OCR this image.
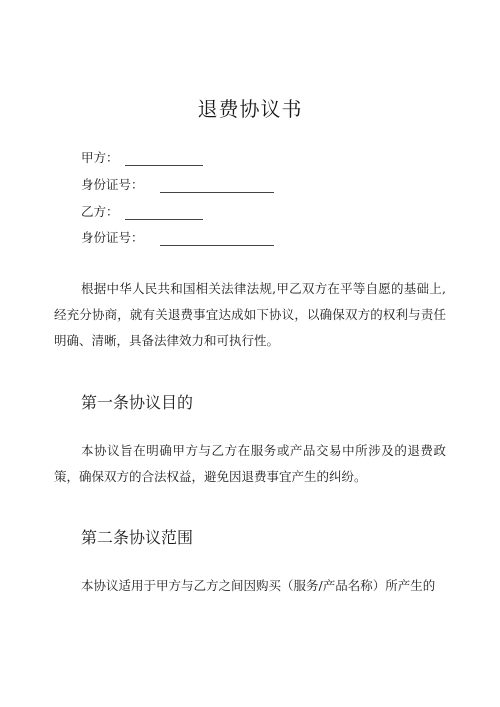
退费协议书
甲方：
身份证号：
乙方：
身份证号：

根据中华人民共和国相关法律法规,甲乙双方在平等自愿的基础上,经充分协商，就有关退费事宜达成如下协议，以确保双方的权利与责任明确、清晰，具备法律效力和可执行性。

第一条协议目的

本协议旨在明确甲方与乙方在服务或产品交易中所涉及的退费政策，确保双方的合法权益，避免因退费事宜产生的纠纷。

第二条协议范围

本协议适用于甲方与乙方之间因购买（服务/产品名称）所产生的
